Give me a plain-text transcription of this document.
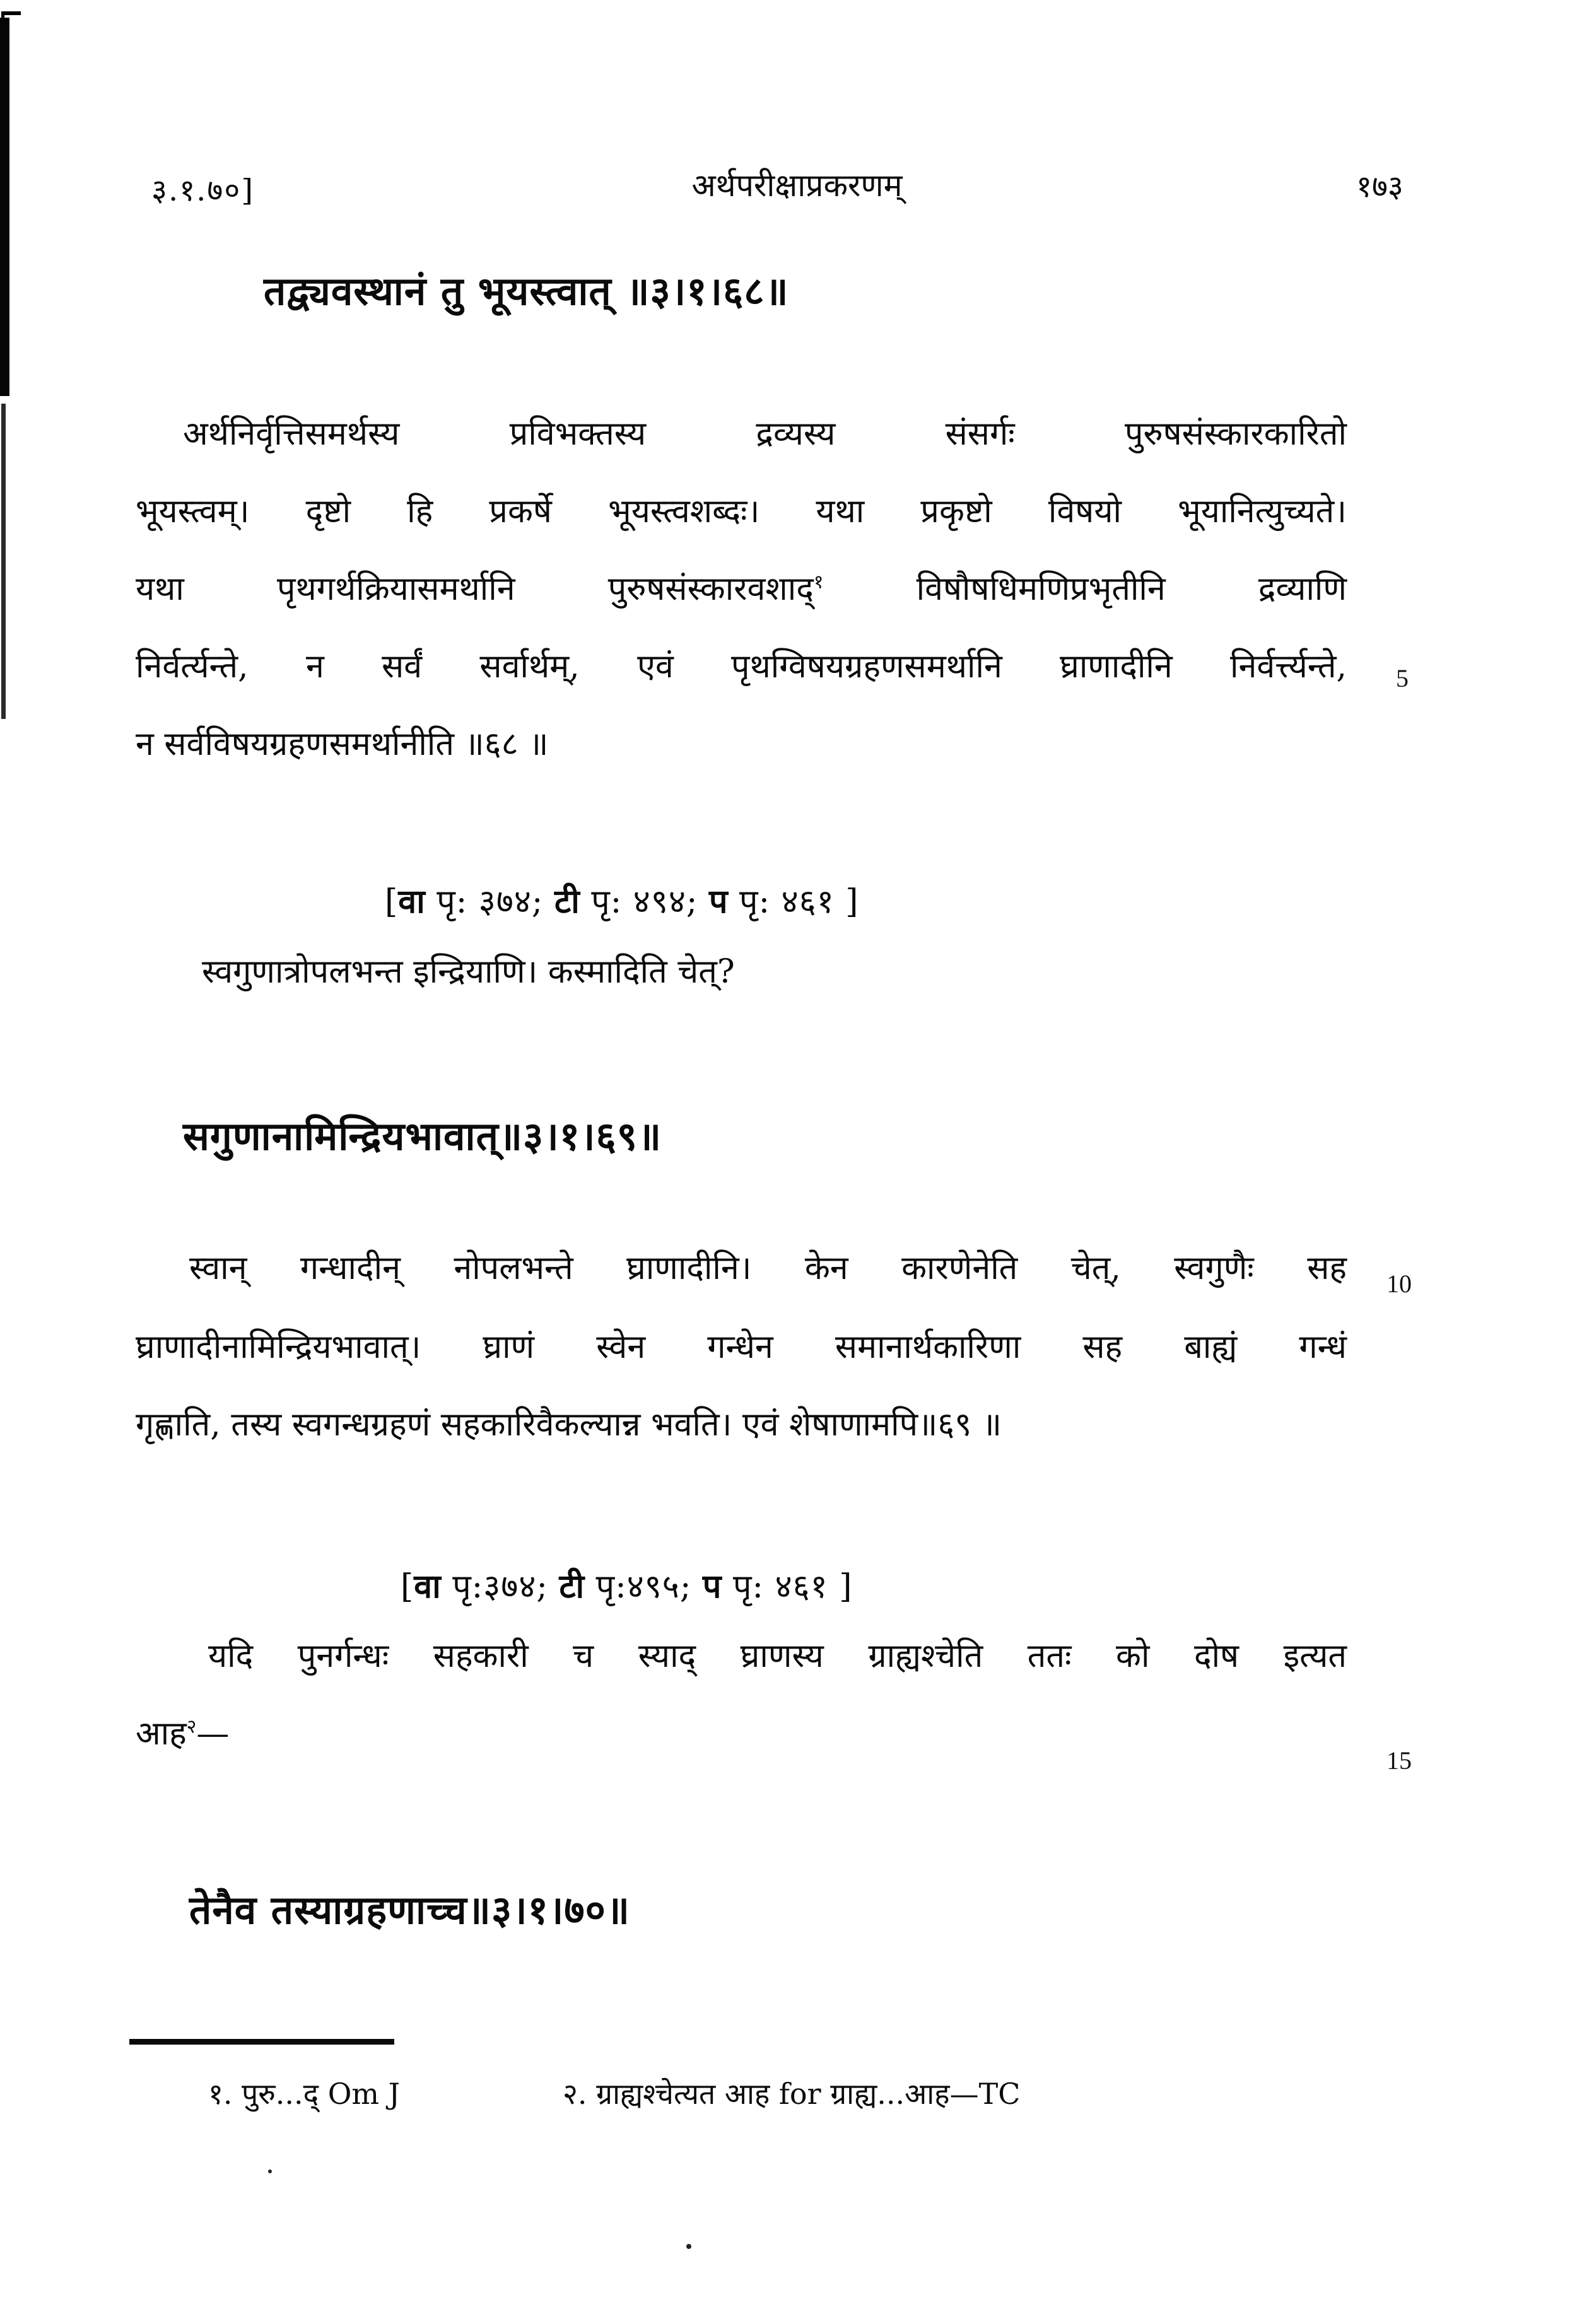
३.१.७०]	अर्थपरीक्षाप्रकरणम्	१७३
तद्व्यवस्थानं तु भूयस्त्वात् ॥३।१।६८॥
अर्थनिर्वृत्तिसमर्थस्य प्रविभक्तस्य द्रव्यस्य संसर्गः पुरुषसंस्कारकारितो
भूयस्त्वम्। दृष्टो हि प्रकर्षे भूयस्त्वशब्दः। यथा प्रकृष्टो विषयो भूयानित्युच्यते।
यथा पृथगर्थक्रियासमर्थानि पुरुषसंस्कारवशाद्$^१$ विषौषधिमणिप्रभृतीनि द्रव्याणि
निर्वर्त्यन्ते, न सर्वं सर्वार्थम्, एवं पृथग्विषयग्रहणसमर्थानि घ्राणादीनि निर्वर्त्त्यन्ते,
न सर्वविषयग्रहणसमर्थानीति ॥६८ ॥
[वा पृ: ३७४; टी पृ: ४९४; प पृ: ४६१ ]
स्वगुणात्रोपलभन्त इन्द्रियाणि। कस्मादिति चेत्?
सगुणानामिन्द्रियभावात्॥३।१।६९॥
स्वान् गन्धादीन् नोपलभन्ते घ्राणादीनि। केन कारणेनेति चेत्, स्वगुणैः सह
घ्राणादीनामिन्द्रियभावात्। घ्राणं स्वेन गन्धेन समानार्थकारिणा सह बाह्यं गन्धं
गृह्णाति, तस्य स्वगन्धग्रहणं सहकारिवैकल्यान्न भवति। एवं शेषाणामपि॥६९ ॥
[वा पृ:३७४; टी पृ:४९५; प पृ: ४६१ ]
यदि पुनर्गन्धः सहकारी च स्याद् घ्राणस्य ग्राह्यश्चेति ततः को दोष इत्यत
आह$^२$—
तेनैव तस्याग्रहणाच्च॥३।१।७०॥
5
10
15
१. पुरु...द् Om J	२. ग्राह्यश्चेत्यत आह for ग्राह्य...आह—TC
